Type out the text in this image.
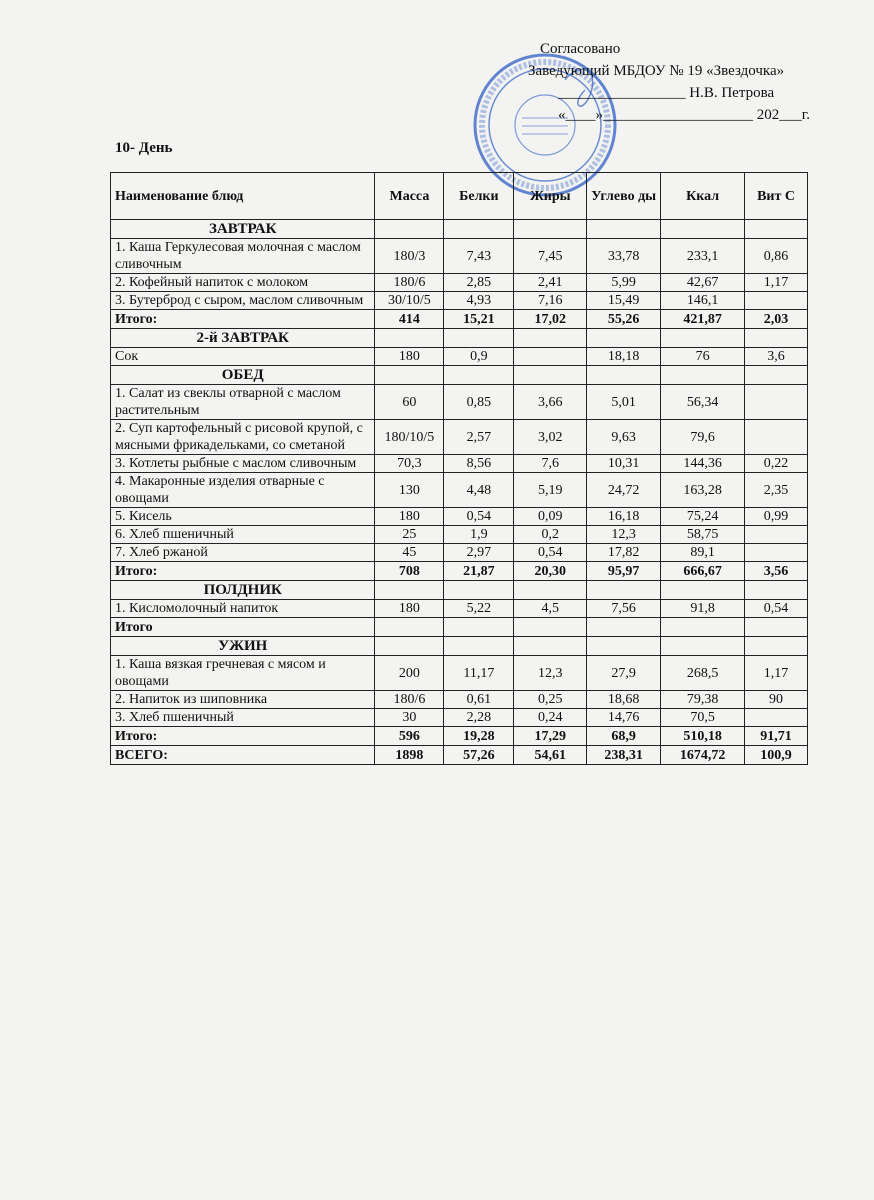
Согласовано
Заведующий МБДОУ № 19 «Звездочка»
_________________ Н.В. Петрова
«____»____________________ 202___г.
10- День
Наименование блюд	Масса	Белки	Жиры	Углево ды	Ккал	Вит С
ЗАВТРАК						
1. Каша Геркулесовая молочная с маслом сливочным	180/3	7,43	7,45	33,78	233,1	0,86
2. Кофейный напиток с молоком	180/6	2,85	2,41	5,99	42,67	1,17
3. Бутерброд с сыром, маслом сливочным	30/10/5	4,93	7,16	15,49	146,1	
Итого:	414	15,21	17,02	55,26	421,87	2,03
2-й ЗАВТРАК						
Сок	180	0,9		18,18	76	3,6
ОБЕД						
1. Салат из свеклы отварной с маслом растительным	60	0,85	3,66	5,01	56,34	
2. Суп картофельный с рисовой крупой, с мясными фрикадельками, со сметаной	180/10/5	2,57	3,02	9,63	79,6	
3. Котлеты рыбные с маслом сливочным	70,3	8,56	7,6	10,31	144,36	0,22
4. Макаронные изделия отварные с овощами	130	4,48	5,19	24,72	163,28	2,35
5. Кисель	180	0,54	0,09	16,18	75,24	0,99
6. Хлеб пшеничный	25	1,9	0,2	12,3	58,75	
7. Хлеб ржаной	45	2,97	0,54	17,82	89,1	
Итого:	708	21,87	20,30	95,97	666,67	3,56
ПОЛДНИК						
1. Кисломолочный напиток	180	5,22	4,5	7,56	91,8	0,54
Итого						
УЖИН						
1. Каша вязкая гречневая с мясом и овощами	200	11,17	12,3	27,9	268,5	1,17
2. Напиток из шиповника	180/6	0,61	0,25	18,68	79,38	90
3. Хлеб пшеничный	30	2,28	0,24	14,76	70,5	
Итого:	596	19,28	17,29	68,9	510,18	91,71
ВСЕГО:	1898	57,26	54,61	238,31	1674,72	100,9
